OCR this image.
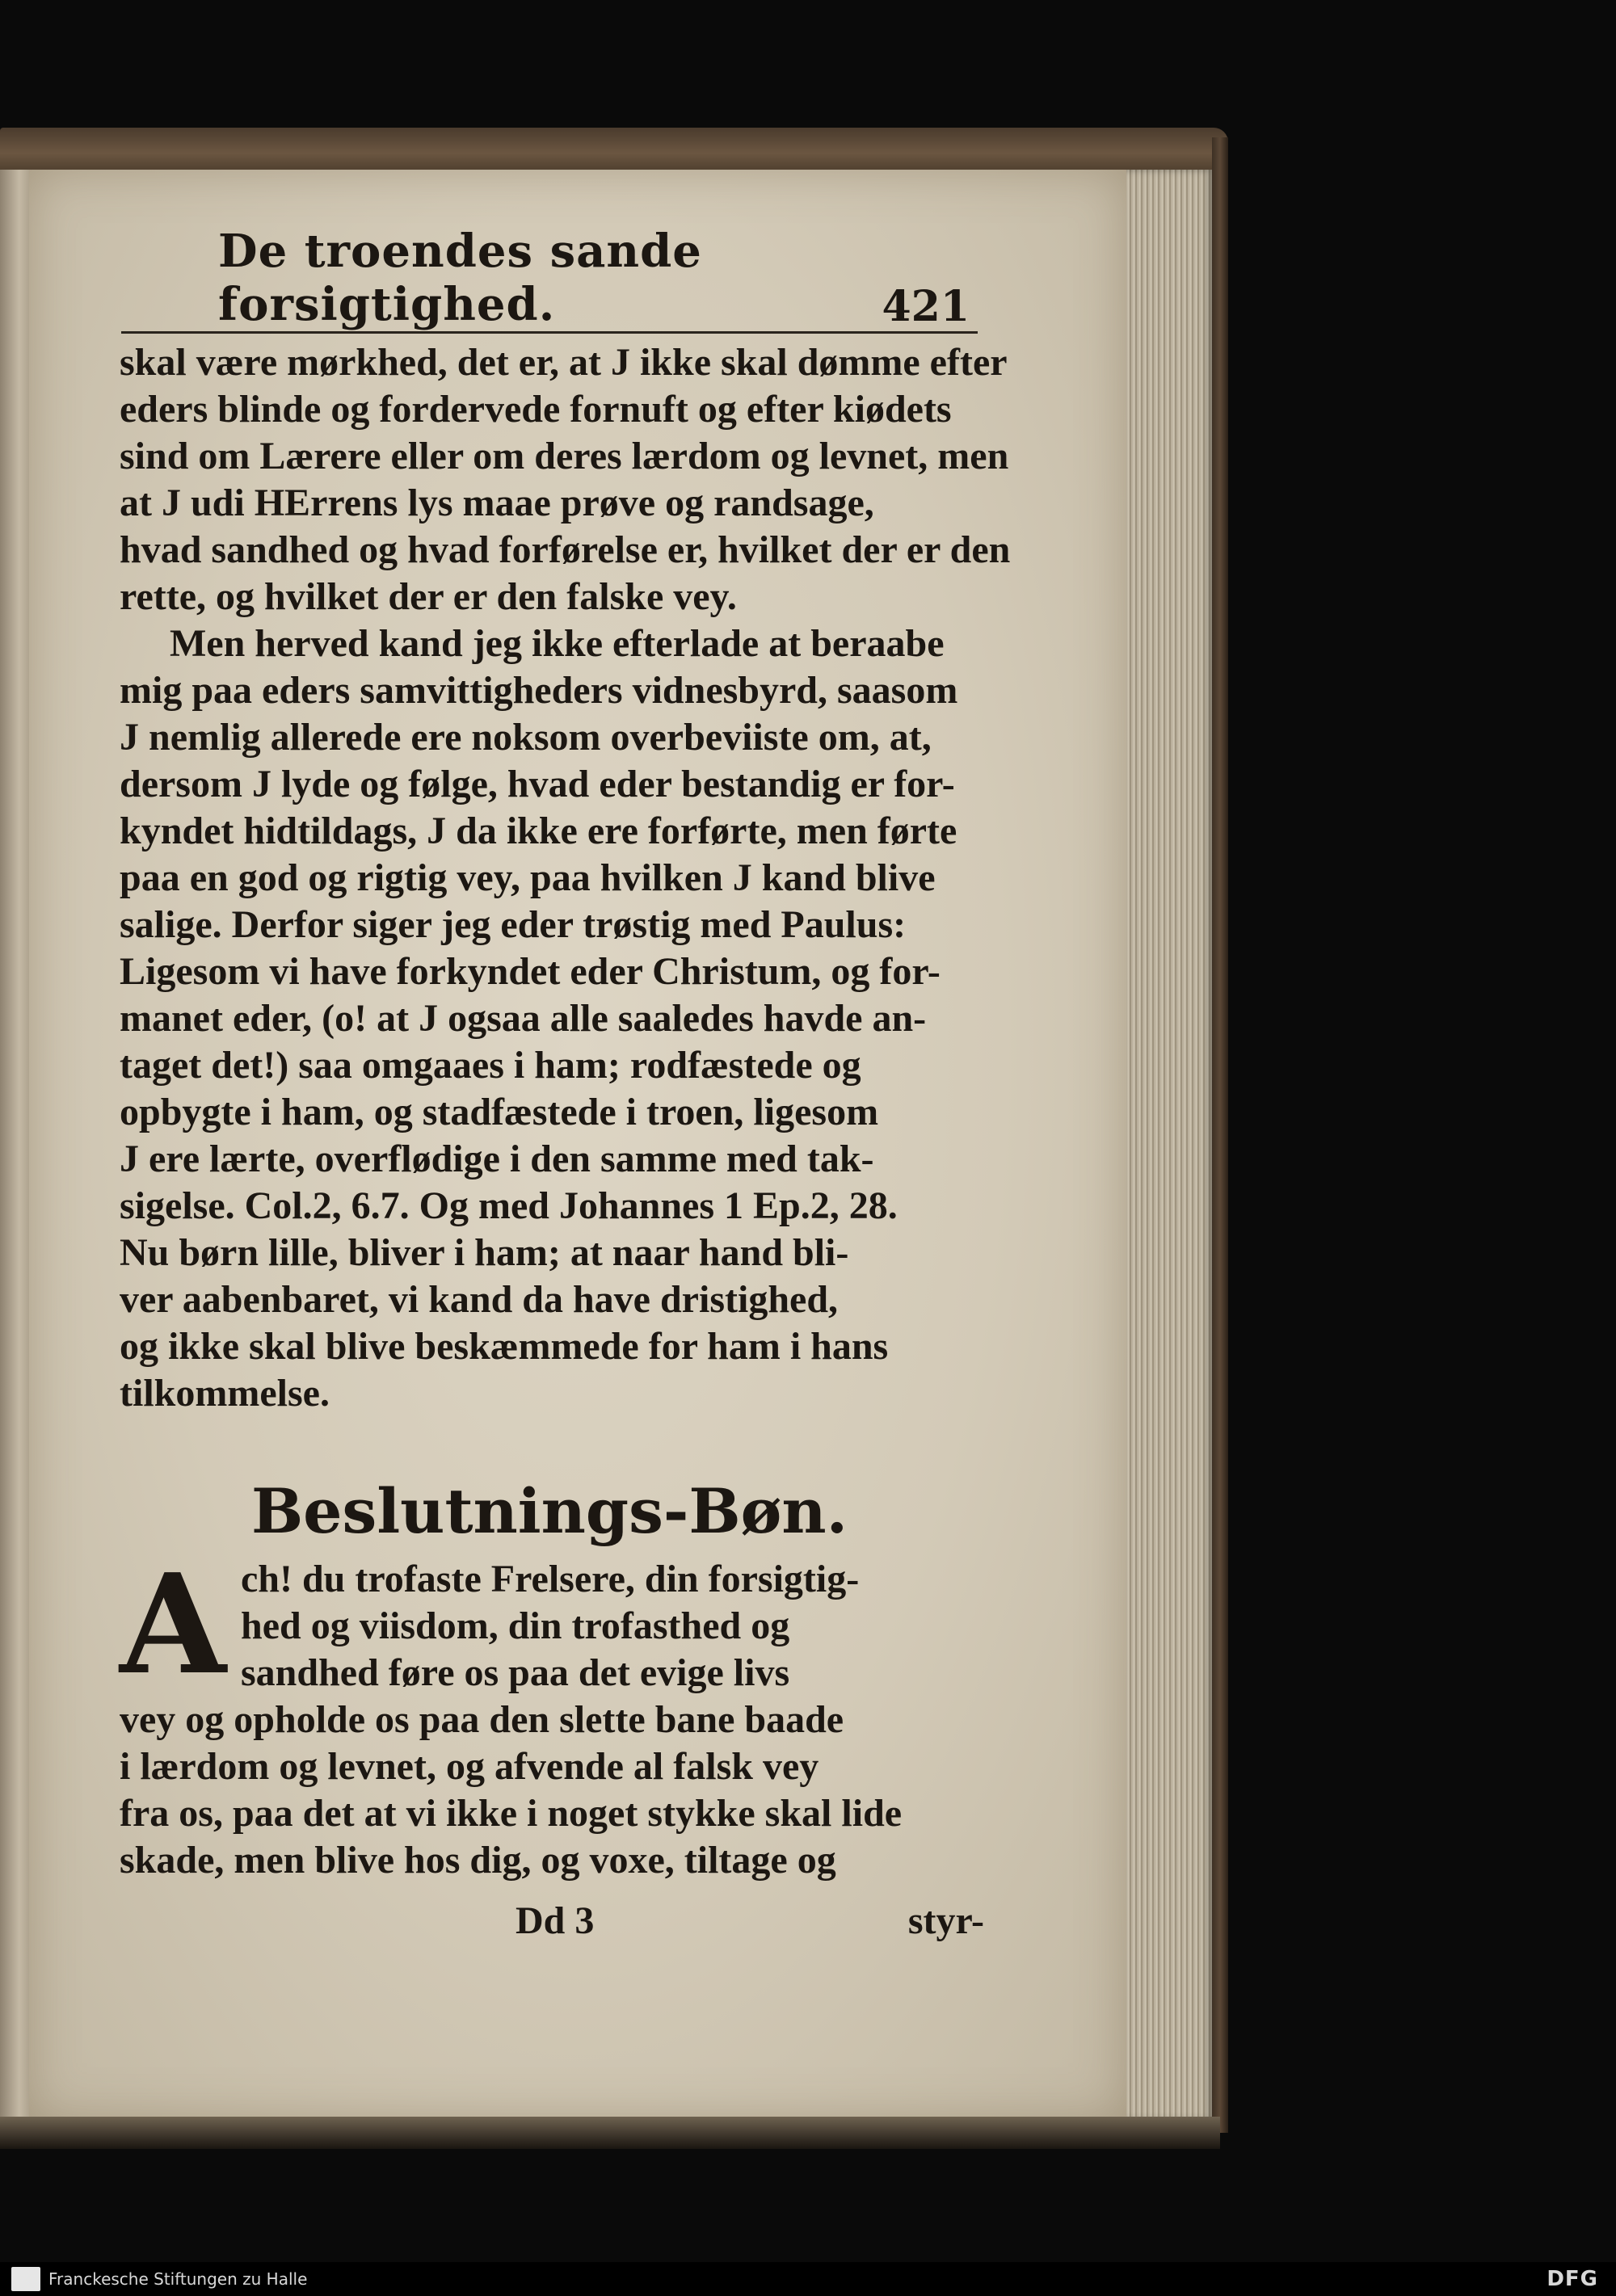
De troendes sande forsigtighed.	421
skal være mørkhed, det er, at J ikke skal dømme efter
eders blinde og fordervede fornuft og efter kiødets
sind om Lærere eller om deres lærdom og levnet, men
at J udi HErrens lys maae prøve og randsage,
hvad sandhed og hvad forførelse er, hvilket der er den
rette, og hvilket der er den falske vey.
Men herved kand jeg ikke efterlade at beraabe
mig paa eders samvittigheders vidnesbyrd, saasom
J nemlig allerede ere noksom overbeviiste om, at,
dersom J lyde og følge, hvad eder bestandig er for-
kyndet hidtildags, J da ikke ere forførte, men førte
paa en god og rigtig vey, paa hvilken J kand blive
salige. Derfor siger jeg eder trøstig med Paulus:
Ligesom vi have forkyndet eder Christum, og for-
manet eder, (o! at J ogsaa alle saaledes havde an-
taget det!) saa omgaaes i ham; rodfæstede og
opbygte i ham, og stadfæstede i troen, ligesom
J ere lærte, overflødige i den samme med tak-
sigelse. Col.2, 6.7. Og med Johannes 1 Ep.2, 28.
Nu børn lille, bliver i ham; at naar hand bli-
ver aabenbaret, vi kand da have dristighed,
og ikke skal blive beskæmmede for ham i hans
tilkommelse.
Beslutnings-Bøn.
A ch! du trofaste Frelsere, din forsigtig-
hed og viisdom, din trofasthed og
sandhed føre os paa det evige livs
vey og opholde os paa den slette bane baade
i lærdom og levnet, og afvende al falsk vey
fra os, paa det at vi ikke i noget stykke skal lide
skade, men blive hos dig, og voxe, tiltage og
Dd 3	styr-
Franckesche Stiftungen zu Halle	DFG
